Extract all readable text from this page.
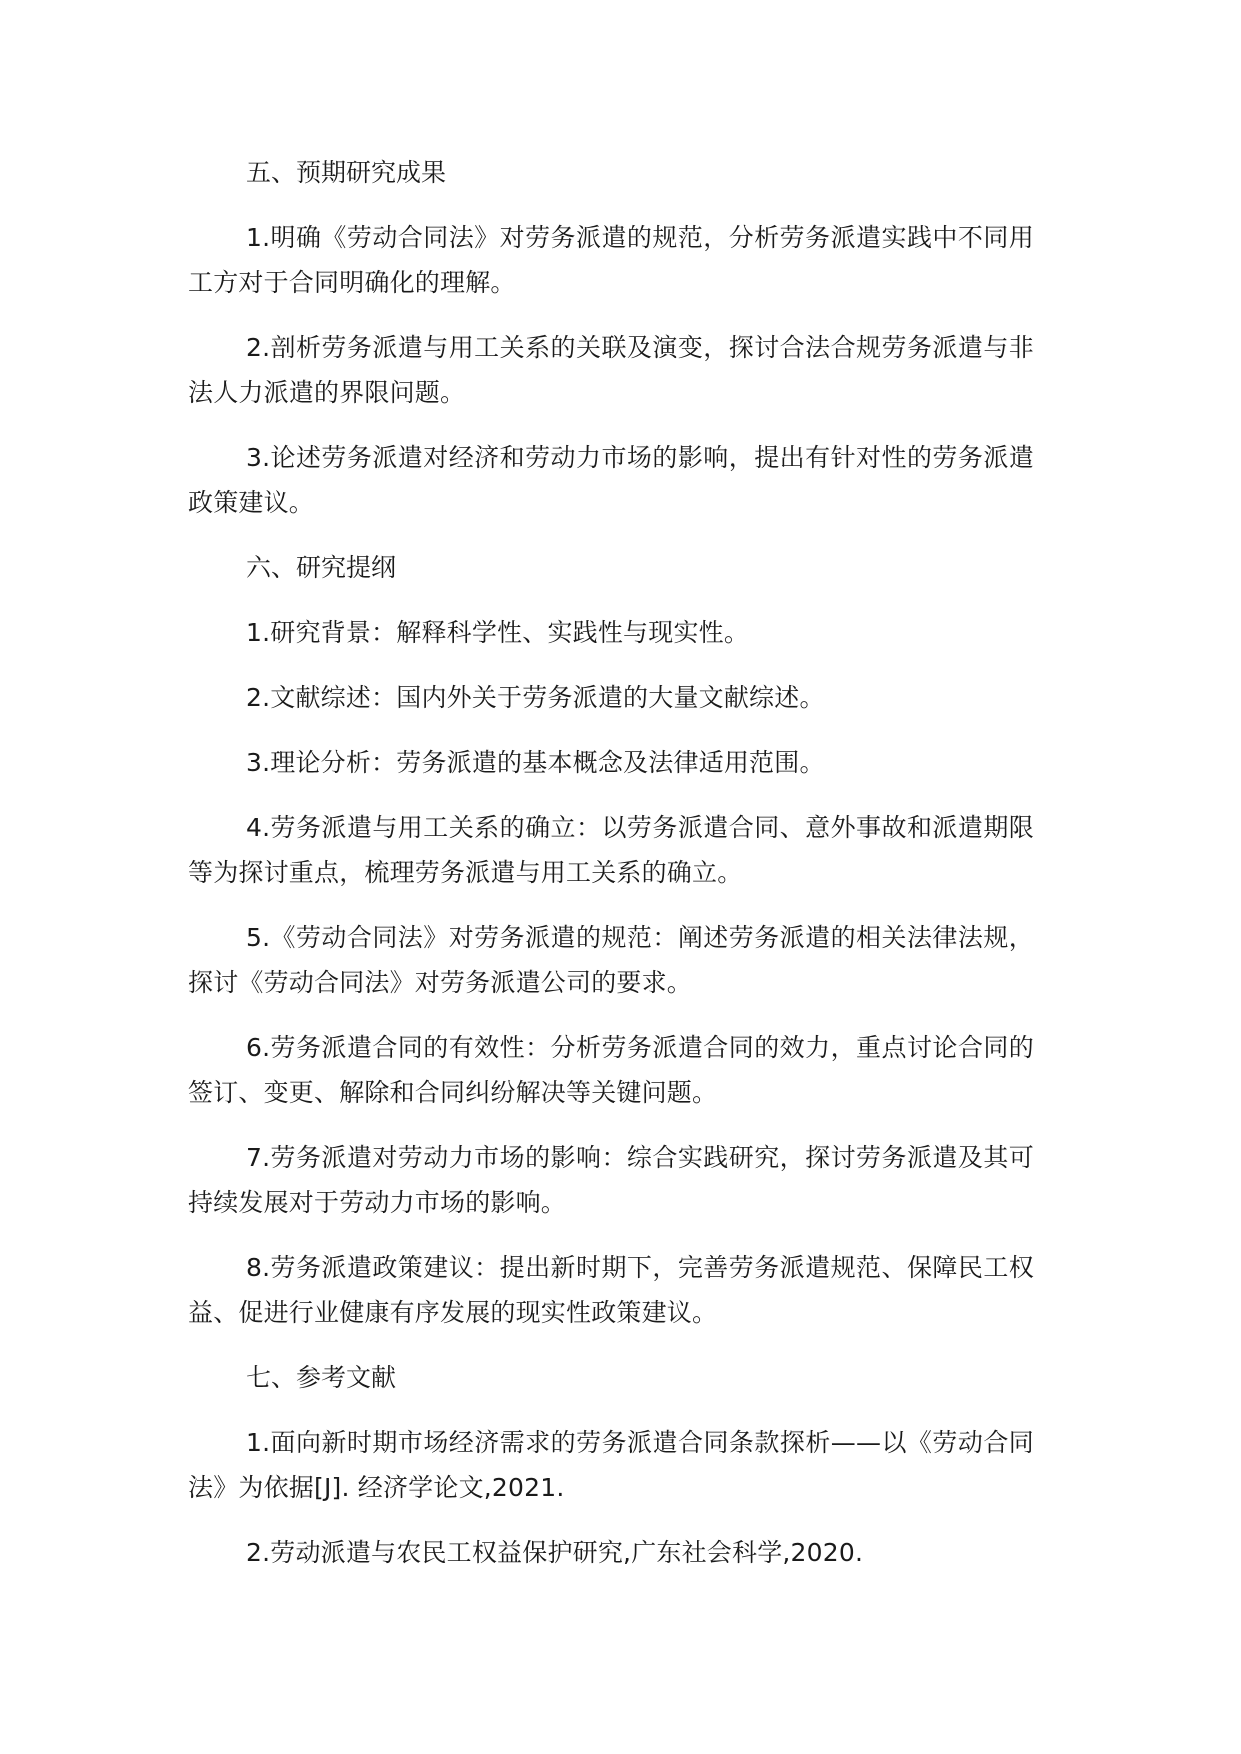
五、预期研究成果

1.明确《劳动合同法》对劳务派遣的规范，分析劳务派遣实践中不同用工方对于合同明确化的理解。

2.剖析劳务派遣与用工关系的关联及演变，探讨合法合规劳务派遣与非法人力派遣的界限问题。

3.论述劳务派遣对经济和劳动力市场的影响，提出有针对性的劳务派遣政策建议。

六、研究提纲

1.研究背景：解释科学性、实践性与现实性。

2.文献综述：国内外关于劳务派遣的大量文献综述。

3.理论分析：劳务派遣的基本概念及法律适用范围。

4.劳务派遣与用工关系的确立：以劳务派遣合同、意外事故和派遣期限等为探讨重点，梳理劳务派遣与用工关系的确立。

5.《劳动合同法》对劳务派遣的规范：阐述劳务派遣的相关法律法规，探讨《劳动合同法》对劳务派遣公司的要求。

6.劳务派遣合同的有效性：分析劳务派遣合同的效力，重点讨论合同的签订、变更、解除和合同纠纷解决等关键问题。

7.劳务派遣对劳动力市场的影响：综合实践研究，探讨劳务派遣及其可持续发展对于劳动力市场的影响。

8.劳务派遣政策建议：提出新时期下，完善劳务派遣规范、保障民工权益、促进行业健康有序发展的现实性政策建议。

七、参考文献

1.面向新时期市场经济需求的劳务派遣合同条款探析——以《劳动合同法》为依据[J]. 经济学论文,2021.

2.劳动派遣与农民工权益保护研究,广东社会科学,2020.
